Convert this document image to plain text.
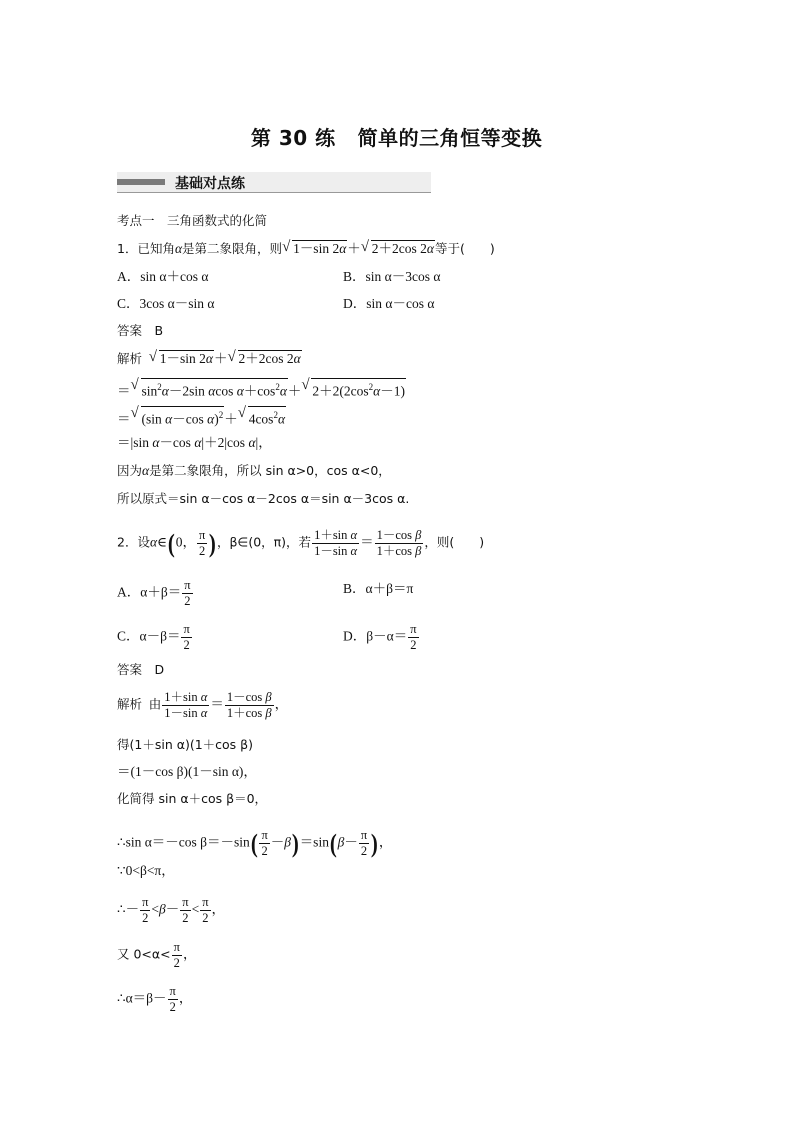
第 30 练 简单的三角恒等变换
基础对点练
考点一　三角函数式的化简
1．已知角α是第二象限角，则√ 1－sin 2α＋√ 2＋2cos 2α等于(　　)
A．sin α＋cos α	B．sin α－3cos α
C．3cos α－sin α	D．sin α－cos α
答案　B
解析  √ 1－sin 2α＋√ 2＋2cos 2α
＝√ $\sin^2\alpha-2\sin$ αcos $\alpha+\cos^2\alpha+√$ $2+2(2\cos^2\alpha-1)$
＝√ (sin α－cos α)$^2$＋√ $4\cos^2\alpha$
＝|sin α－cos α|＋2|cos α|，
因为α是第二象限角，所以 sin α>0，cos α<0，
所以原式＝sin α－cos α－2cos α＝sin α－3cos α.
2．设α∈(0， $\frac{\pi}{2}$ )，β∈(0，π)，若 $\frac{\text{1＋sin α}}{\text{1－sin α}} = \frac{\text{1－cos β}}{\text{1＋cos β}}$ ，则(　　)
A．$\alpha+\beta= \frac{\pi}{2}$	B．α＋β＝π
C．$\alpha-\beta= \frac{\pi}{2}$	D．$\beta-\alpha= \frac{\pi}{2}$
答案　D
解析 由 $\frac{\text{1＋sin α}}{\text{1－sin α}} = \frac{\text{1－cos β}}{\text{1＋cos β}}$ ，
得(1＋sin α)(1＋cos β)
＝(1－cos β)(1－sin α)，
化简得 sin α＋cos β＝0，
∴sin α＝－cos $\beta=-\sin( \frac{\pi}{2} -\beta)=\sin(\beta- \frac{\pi}{2}$ )，
∵0<β<π，
∴－ $\frac{\pi}{2} <\beta- \frac{\pi}{2} < \frac{\pi}{2}$ ，
又 $0<\alpha< \frac{\pi}{2}$ ，
∴α＝β－ $\frac{\pi}{2}$ ，
